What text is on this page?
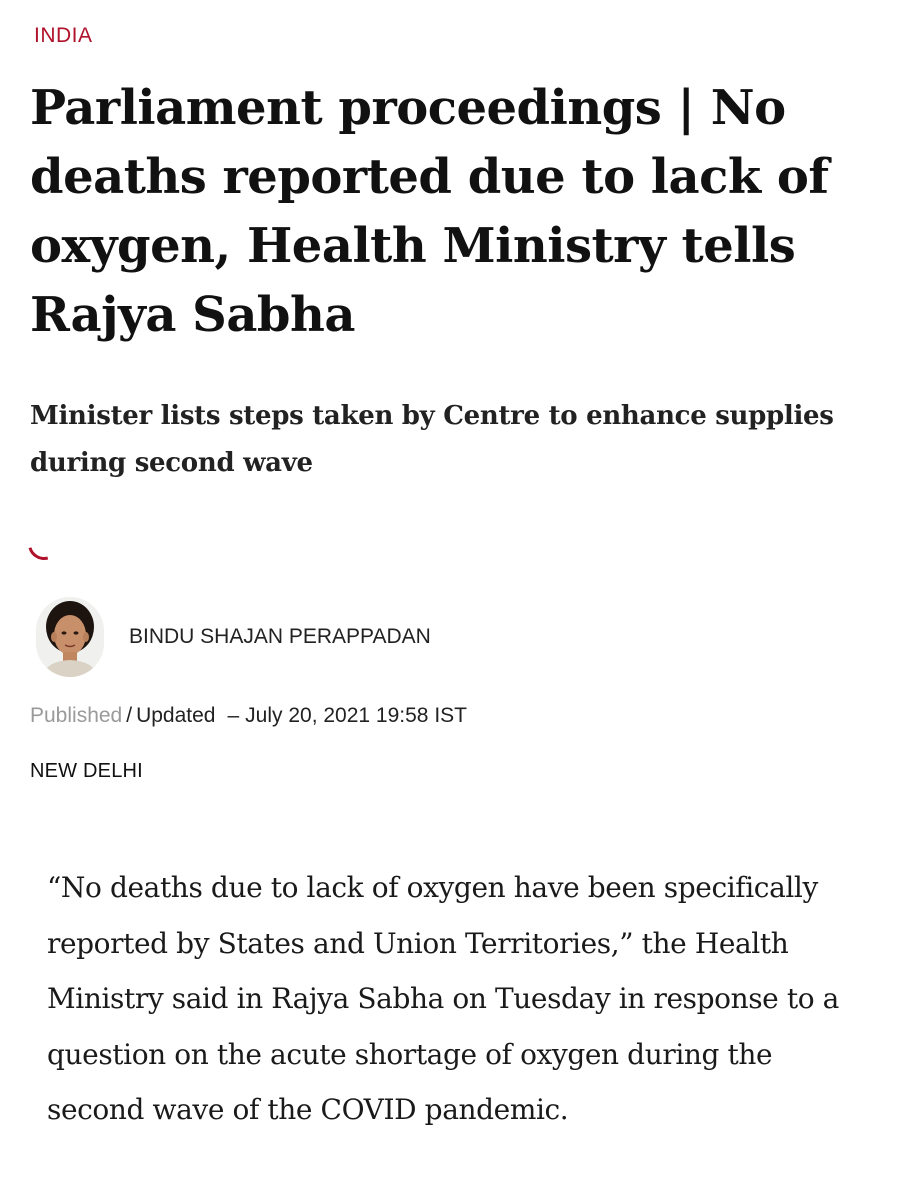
INDIA
Parliament proceedings | No deaths reported due to lack of oxygen, Health Ministry tells Rajya Sabha
Minister lists steps taken by Centre to enhance supplies during second wave
BINDU SHAJAN PERAPPADAN
Published / Updated – July 20, 2021 19:58 IST
NEW DELHI

“No deaths due to lack of oxygen have been specifically reported by States and Union Territories,” the Health Ministry said in Rajya Sabha on Tuesday in response to a question on the acute shortage of oxygen during the second wave of the COVID pandemic.
